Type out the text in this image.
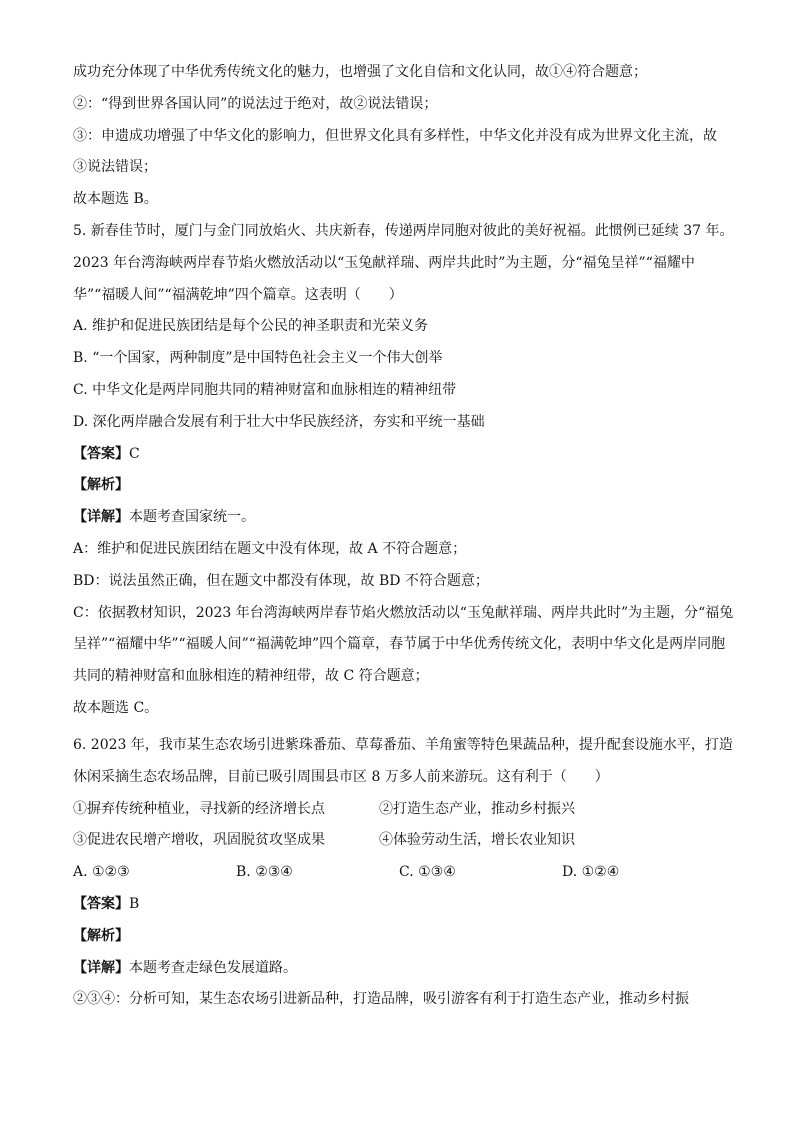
成功充分体现了中华优秀传统文化的魅力，也增强了文化自信和文化认同，故①④符合题意；
②：“得到世界各国认同”的说法过于绝对，故②说法错误；
③：申遗成功增强了中华文化的影响力，但世界文化具有多样性，中华文化并没有成为世界文化主流，故
③说法错误；
故本题选 B。
5. 新春佳节时，厦门与金门同放焰火、共庆新春，传递两岸同胞对彼此的美好祝福。此惯例已延续 37 年。
2023 年台湾海峡两岸春节焰火燃放活动以“玉兔献祥瑞、两岸共此时”为主题，分“福兔呈祥”“福耀中
华”“福暖人间”“福满乾坤”四个篇章。这表明（　　）
A. 维护和促进民族团结是每个公民的神圣职责和光荣义务
B. “一个国家，两种制度”是中国特色社会主义一个伟大创举
C. 中华文化是两岸同胞共同的精神财富和血脉相连的精神纽带
D. 深化两岸融合发展有利于壮大中华民族经济，夯实和平统一基础
【答案】C
【解析】
【详解】本题考查国家统一。
A：维护和促进民族团结在题文中没有体现，故 A 不符合题意；
BD：说法虽然正确，但在题文中都没有体现，故 BD 不符合题意；
C：依据教材知识，2023 年台湾海峡两岸春节焰火燃放活动以“玉兔献祥瑞、两岸共此时”为主题，分“福兔
呈祥”“福耀中华”“福暖人间”“福满乾坤”四个篇章，春节属于中华优秀传统文化，表明中华文化是两岸同胞
共同的精神财富和血脉相连的精神纽带，故 C 符合题意；
故本题选 C。
6. 2023 年，我市某生态农场引进紫珠番茄、草莓番茄、羊角蜜等特色果蔬品种，提升配套设施水平，打造
休闲采摘生态农场品牌，目前已吸引周围县市区 8 万多人前来游玩。这有利于（　　）
①摒弃传统种植业，寻找新的经济增长点	②打造生态产业，推动乡村振兴
③促进农民增产增收，巩固脱贫攻坚成果	④体验劳动生活，增长农业知识
A. ①②③	B. ②③④	C. ①③④	D. ①②④
【答案】B
【解析】
【详解】本题考查走绿色发展道路。
②③④：分析可知，某生态农场引进新品种，打造品牌，吸引游客有利于打造生态产业，推动乡村振
